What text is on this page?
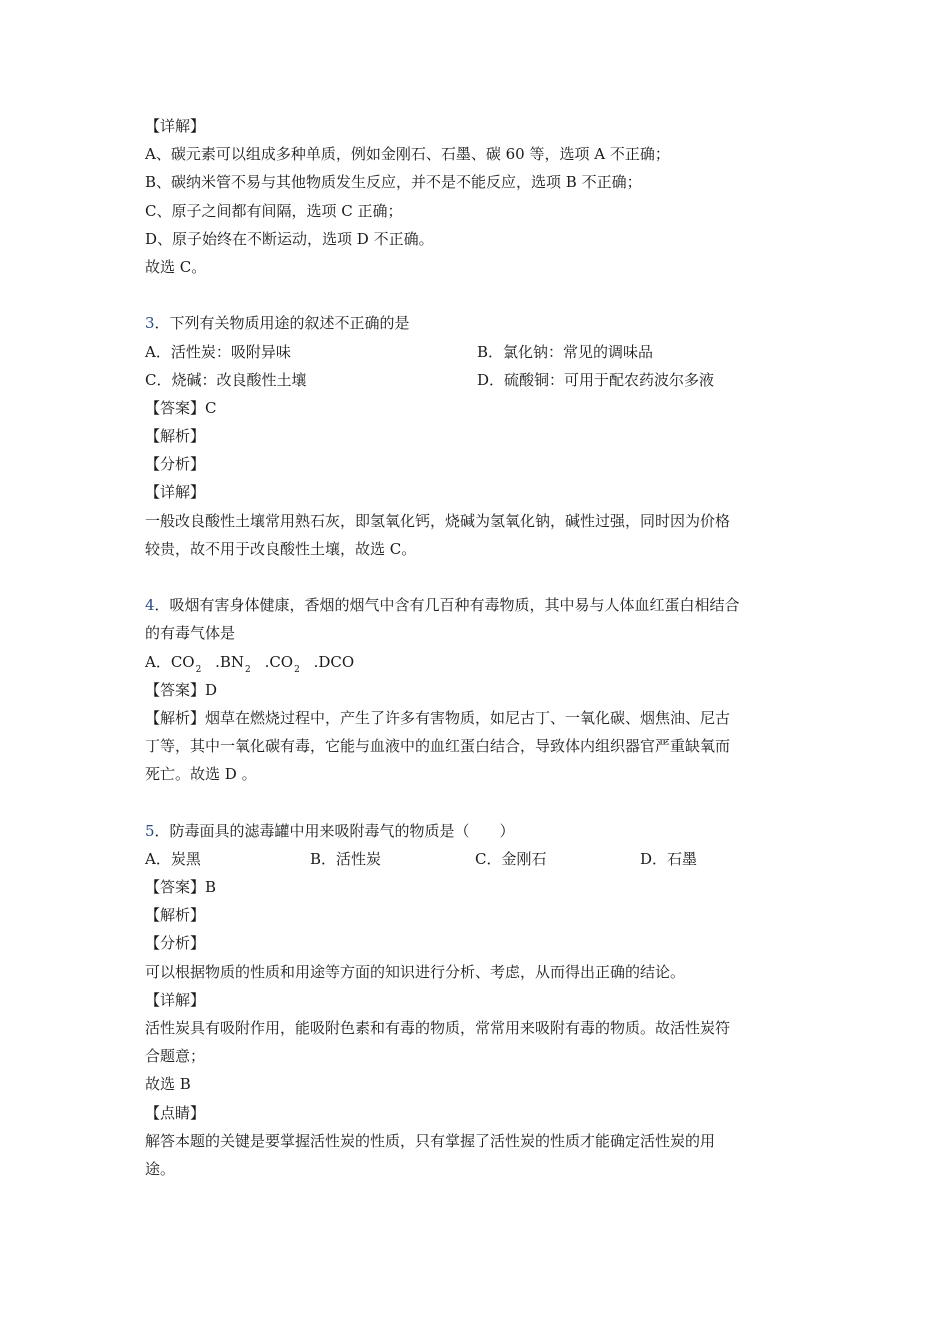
【详解】
A、碳元素可以组成多种单质，例如金刚石、石墨、碳 60 等，选项 A 不正确；
B、碳纳米管不易与其他物质发生反应，并不是不能反应，选项 B 不正确；
C、原子之间都有间隔，选项 C 正确；
D、原子始终在不断运动，选项 D 不正确。
故选 C。
3．下列有关物质用途的叙述不正确的是
A．活性炭：吸附异味	B．氯化钠：常见的调味品
C．烧碱：改良酸性土壤	D．硫酸铜：可用于配农药波尔多液
【答案】C
【解析】
【分析】
【详解】
一般改良酸性土壤常用熟石灰，即氢氧化钙，烧碱为氢氧化钠，碱性过强，同时因为价格
较贵，故不用于改良酸性土壤，故选 C。
4．吸烟有害身体健康，香烟的烟气中含有几百种有毒物质，其中易与人体血红蛋白相结合
的有毒气体是
A．$CO_2$ $.BN_2$ $.CO_2$ .DCO
【答案】D
【解析】烟草在燃烧过程中，产生了许多有害物质，如尼古丁、一氧化碳、烟焦油、尼古
丁等，其中一氧化碳有毒，它能与血液中的血红蛋白结合，导致体内组织器官严重缺氧而
死亡。故选 D 。
5．防毒面具的滤毒罐中用来吸附毒气的物质是（　　）
A．炭黑	B．活性炭	C．金刚石	D．石墨
【答案】B
【解析】
【分析】
可以根据物质的性质和用途等方面的知识进行分析、考虑，从而得出正确的结论。
【详解】
活性炭具有吸附作用，能吸附色素和有毒的物质，常常用来吸附有毒的物质。故活性炭符
合题意；
故选 B
【点睛】
解答本题的关键是要掌握活性炭的性质，只有掌握了活性炭的性质才能确定活性炭的用
途。
